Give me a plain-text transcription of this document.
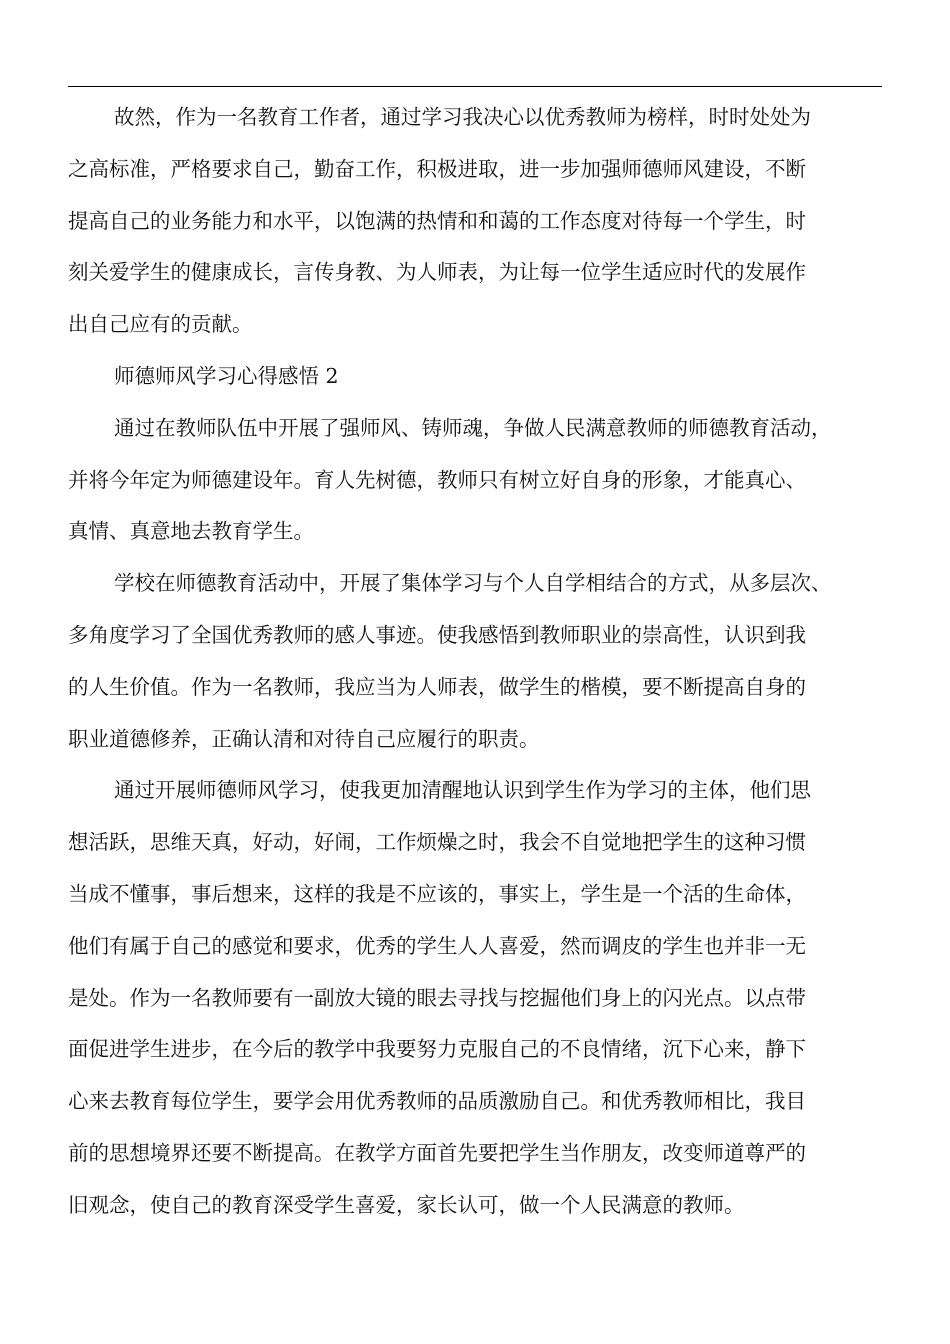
故然，作为一名教育工作者，通过学习我决心以优秀教师为榜样，时时处处为
之高标准，严格要求自己，勤奋工作，积极进取，进一步加强师德师风建设，不断
提高自己的业务能力和水平，以饱满的热情和和蔼的工作态度对待每一个学生，时
刻关爱学生的健康成长，言传身教、为人师表，为让每一位学生适应时代的发展作
出自己应有的贡献。
师德师风学习心得感悟 2
通过在教师队伍中开展了强师风、铸师魂，争做人民满意教师的师德教育活动，
并将今年定为师德建设年。育人先树德，教师只有树立好自身的形象，才能真心、
真情、真意地去教育学生。
学校在师德教育活动中，开展了集体学习与个人自学相结合的方式，从多层次、
多角度学习了全国优秀教师的感人事迹。使我感悟到教师职业的崇高性，认识到我
的人生价值。作为一名教师，我应当为人师表，做学生的楷模，要不断提高自身的
职业道德修养，正确认清和对待自己应履行的职责。
通过开展师德师风学习，使我更加清醒地认识到学生作为学习的主体，他们思
想活跃，思维天真，好动，好闹，工作烦燥之时，我会不自觉地把学生的这种习惯
当成不懂事，事后想来，这样的我是不应该的，事实上，学生是一个活的生命体，
他们有属于自己的感觉和要求，优秀的学生人人喜爱，然而调皮的学生也并非一无
是处。作为一名教师要有一副放大镜的眼去寻找与挖掘他们身上的闪光点。以点带
面促进学生进步，在今后的教学中我要努力克服自己的不良情绪，沉下心来，静下
心来去教育每位学生，要学会用优秀教师的品质激励自己。和优秀教师相比，我目
前的思想境界还要不断提高。在教学方面首先要把学生当作朋友，改变师道尊严的
旧观念，使自己的教育深受学生喜爱，家长认可，做一个人民满意的教师。
